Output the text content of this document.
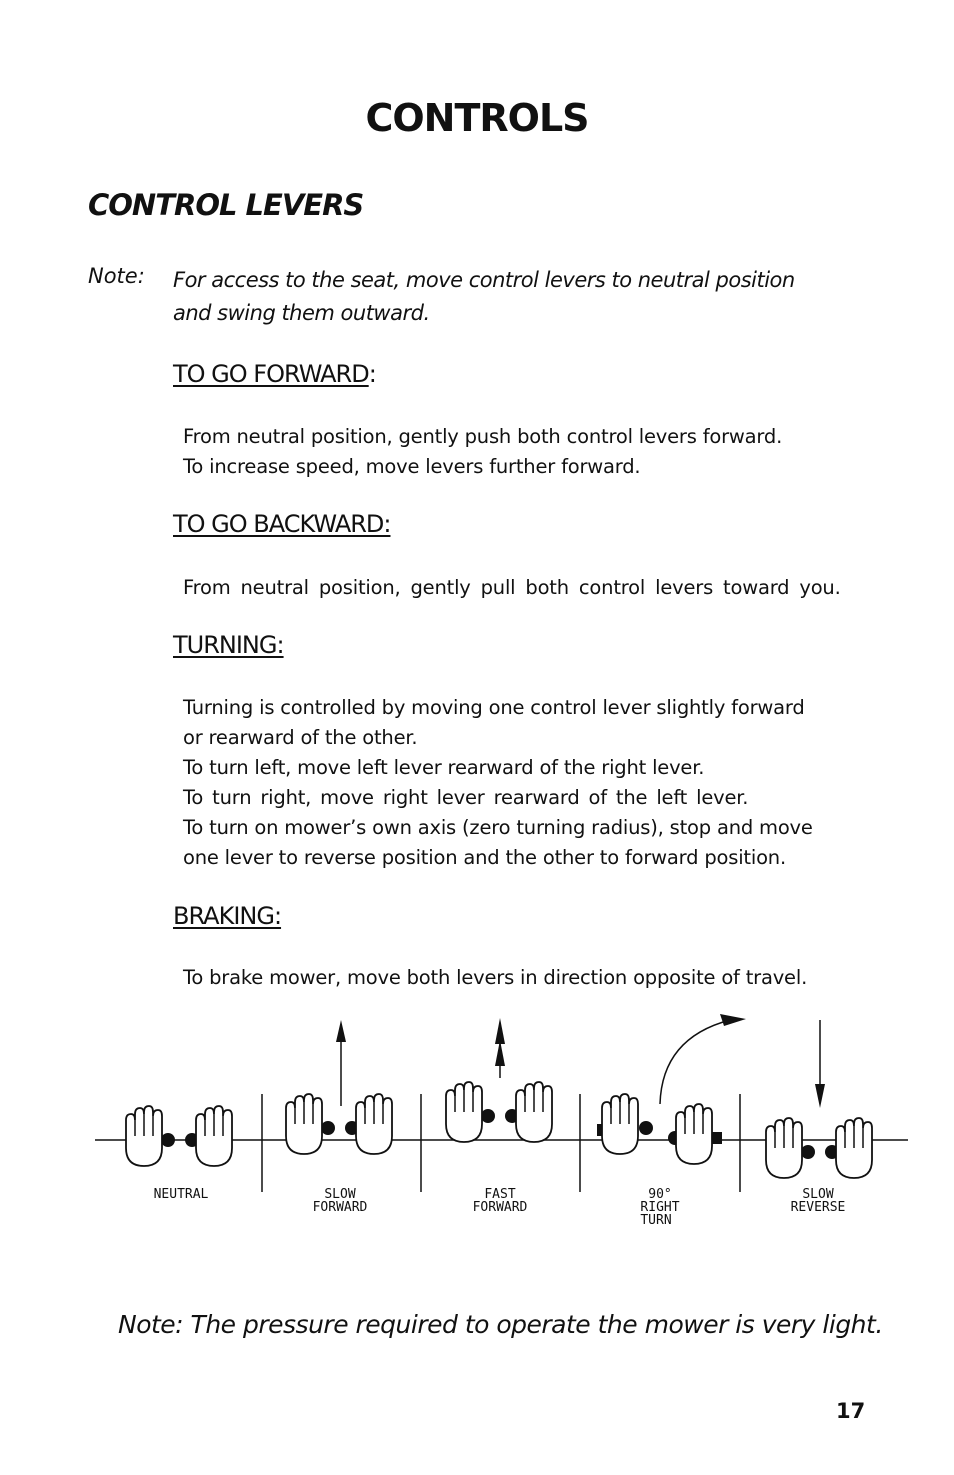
CONTROLS
CONTROL LEVERS
Note: For access to the seat, move control levers to neutral position
and swing them outward.
TO GO FORWARD:
From neutral position, gently push both control levers forward.
To increase speed, move levers further forward.
TO GO BACKWARD:
From neutral position, gently pull both control levers toward you.
TURNING:
Turning is controlled by moving one control lever slightly forward
or rearward of the other.
To turn left, move left lever rearward of the right lever.
To turn right, move right lever rearward of the left lever.
To turn on mower’s own axis (zero turning radius), stop and move
one lever to reverse position and the other to forward position.
BRAKING:
To brake mower, move both levers in direction opposite of travel.
NEUTRAL	SLOW
FORWARD
FAST
FORWARD
90°
RIGHT
TURN
SLOW
REVERSE
Note: The pressure required to operate the mower is very light.
17
